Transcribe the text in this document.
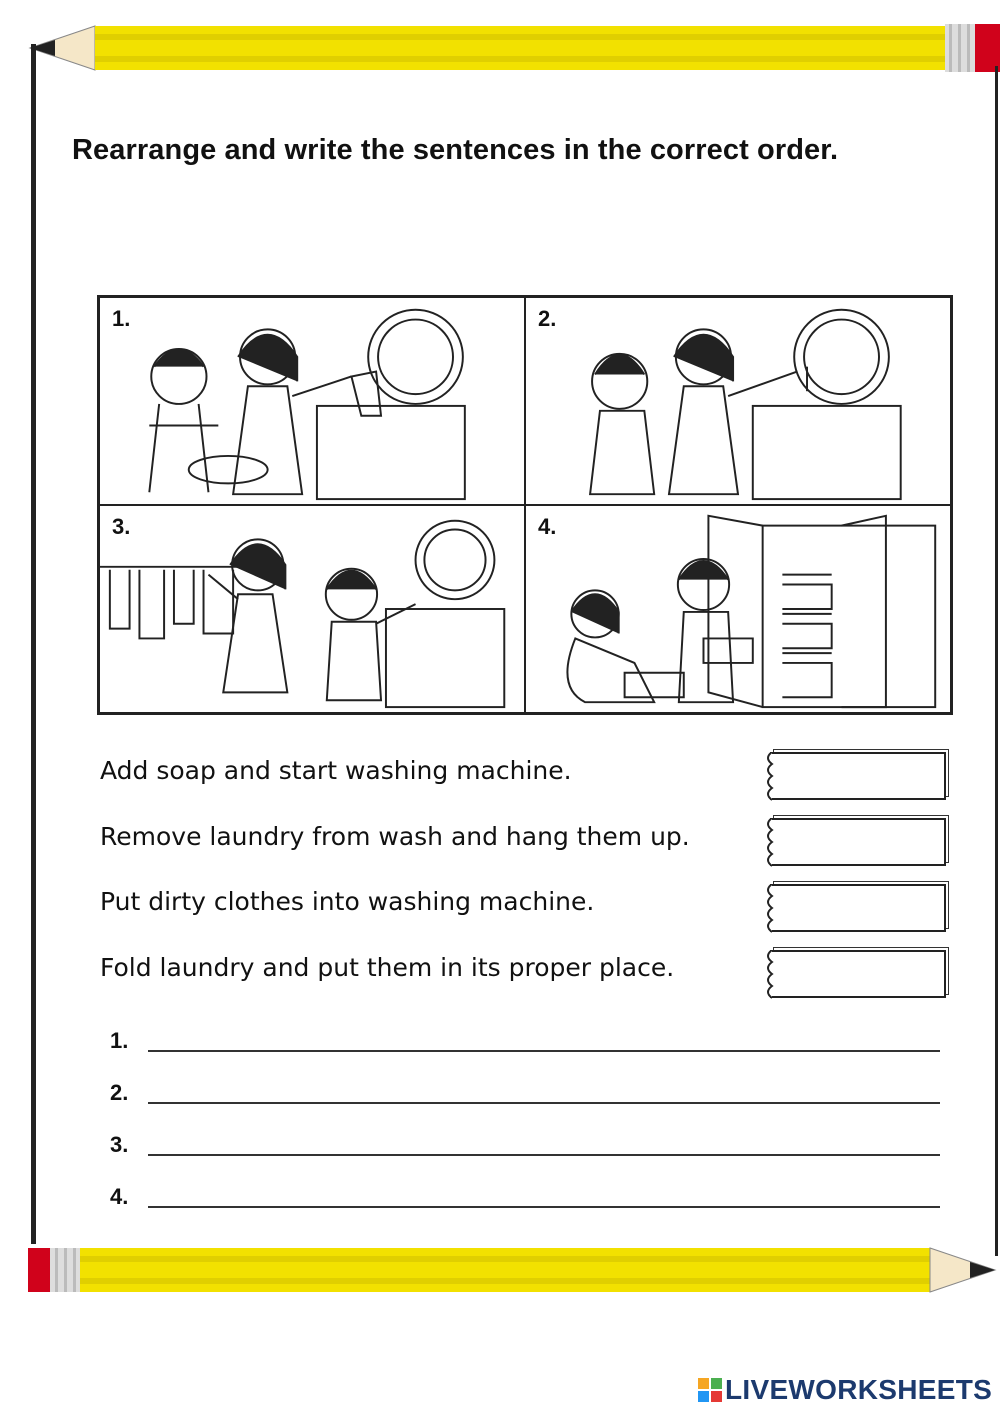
Rearrange and write the sentences in the correct order.
1.	2.
3.	4.
Add soap and start washing machine.
Remove laundry from wash and hang them up.
Put dirty clothes into washing machine.
Fold laundry and put them in its proper place.
1.
2.
3.
4.
LIVEWORKSHEETS
